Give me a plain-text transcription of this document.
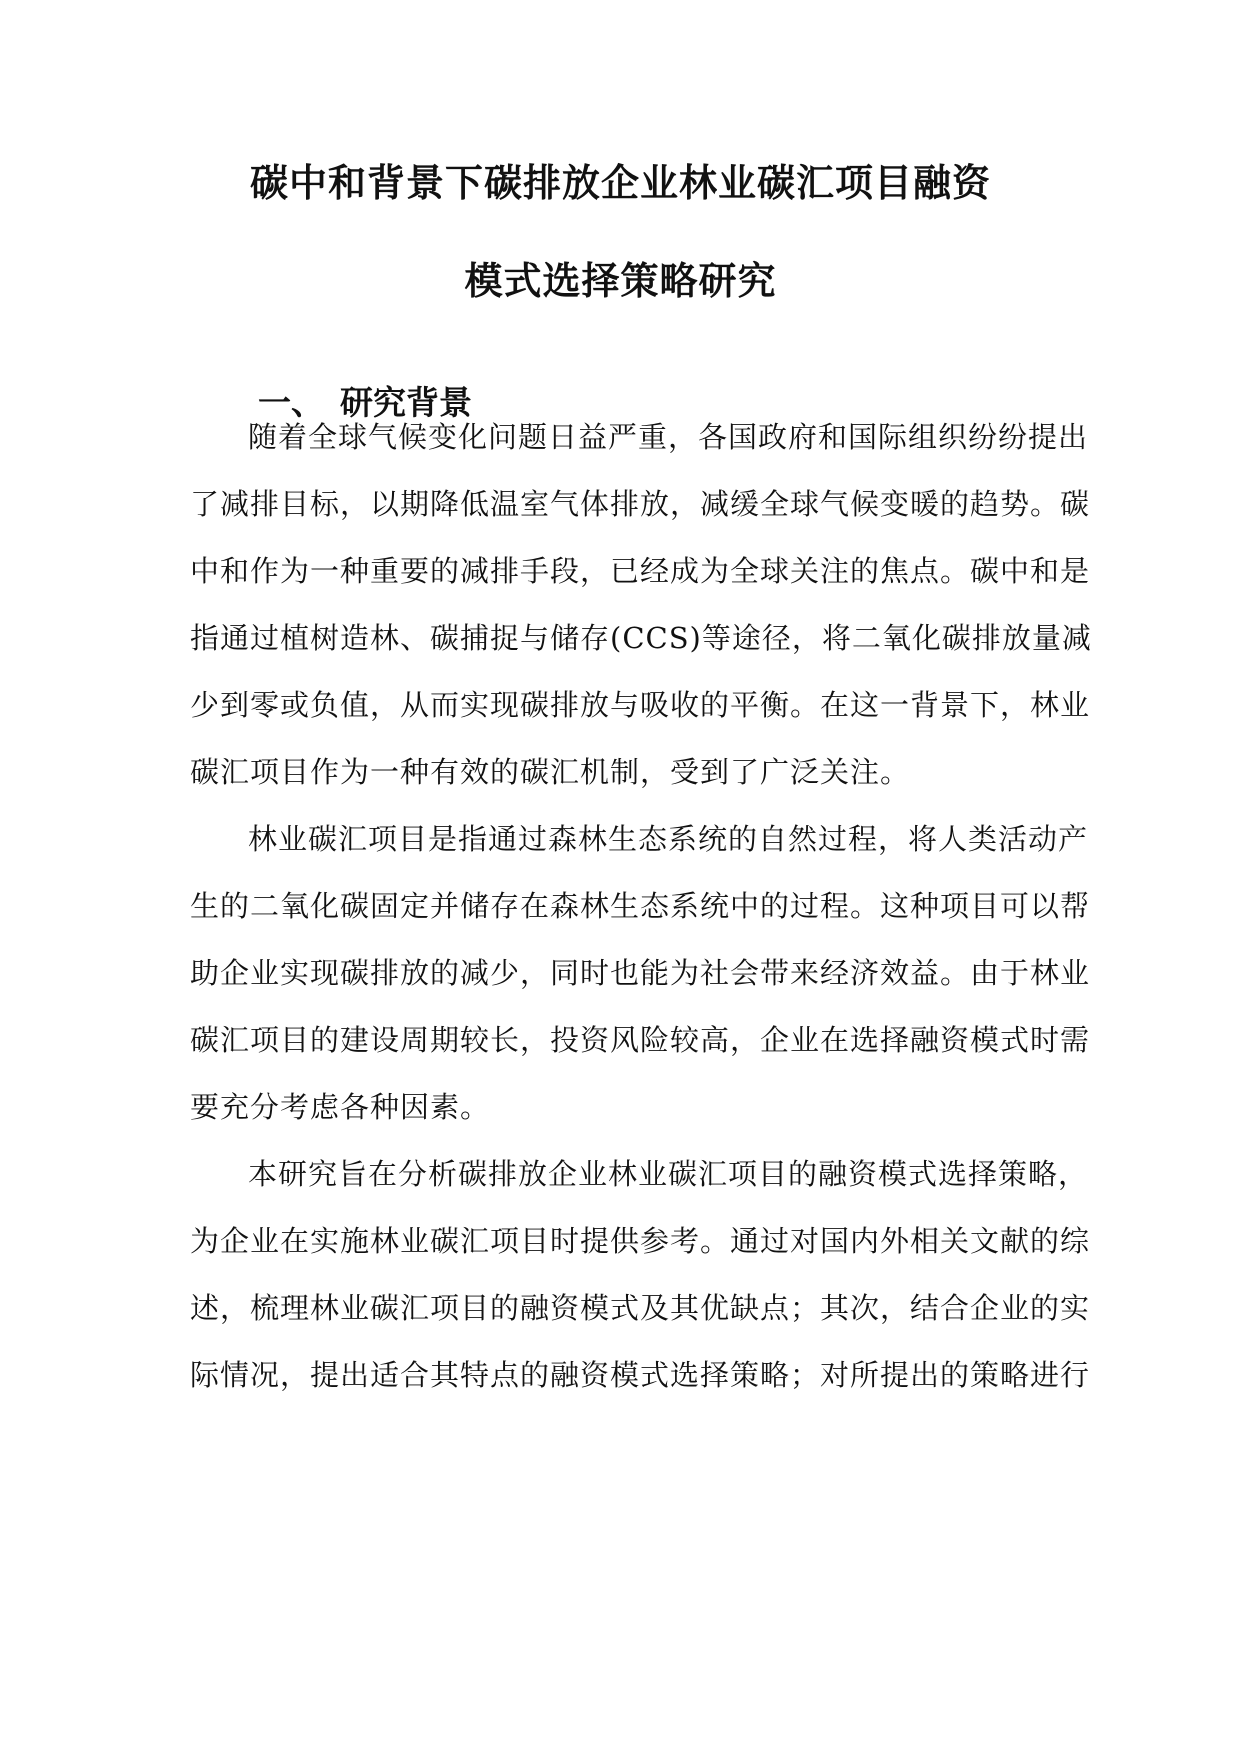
碳中和背景下碳排放企业林业碳汇项目融资
模式选择策略研究
一、 研究背景
随着全球气候变化问题日益严重，各国政府和国际组织纷纷提出
了减排目标，以期降低温室气体排放，减缓全球气候变暖的趋势。碳
中和作为一种重要的减排手段，已经成为全球关注的焦点。碳中和是
指通过植树造林、碳捕捉与储存(CCS)等途径，将二氧化碳排放量减
少到零或负值，从而实现碳排放与吸收的平衡。在这一背景下，林业
碳汇项目作为一种有效的碳汇机制，受到了广泛关注。
林业碳汇项目是指通过森林生态系统的自然过程，将人类活动产
生的二氧化碳固定并储存在森林生态系统中的过程。这种项目可以帮
助企业实现碳排放的减少，同时也能为社会带来经济效益。由于林业
碳汇项目的建设周期较长，投资风险较高，企业在选择融资模式时需
要充分考虑各种因素。
本研究旨在分析碳排放企业林业碳汇项目的融资模式选择策略，
为企业在实施林业碳汇项目时提供参考。通过对国内外相关文献的综
述，梳理林业碳汇项目的融资模式及其优缺点；其次，结合企业的实
际情况，提出适合其特点的融资模式选择策略；对所提出的策略进行
